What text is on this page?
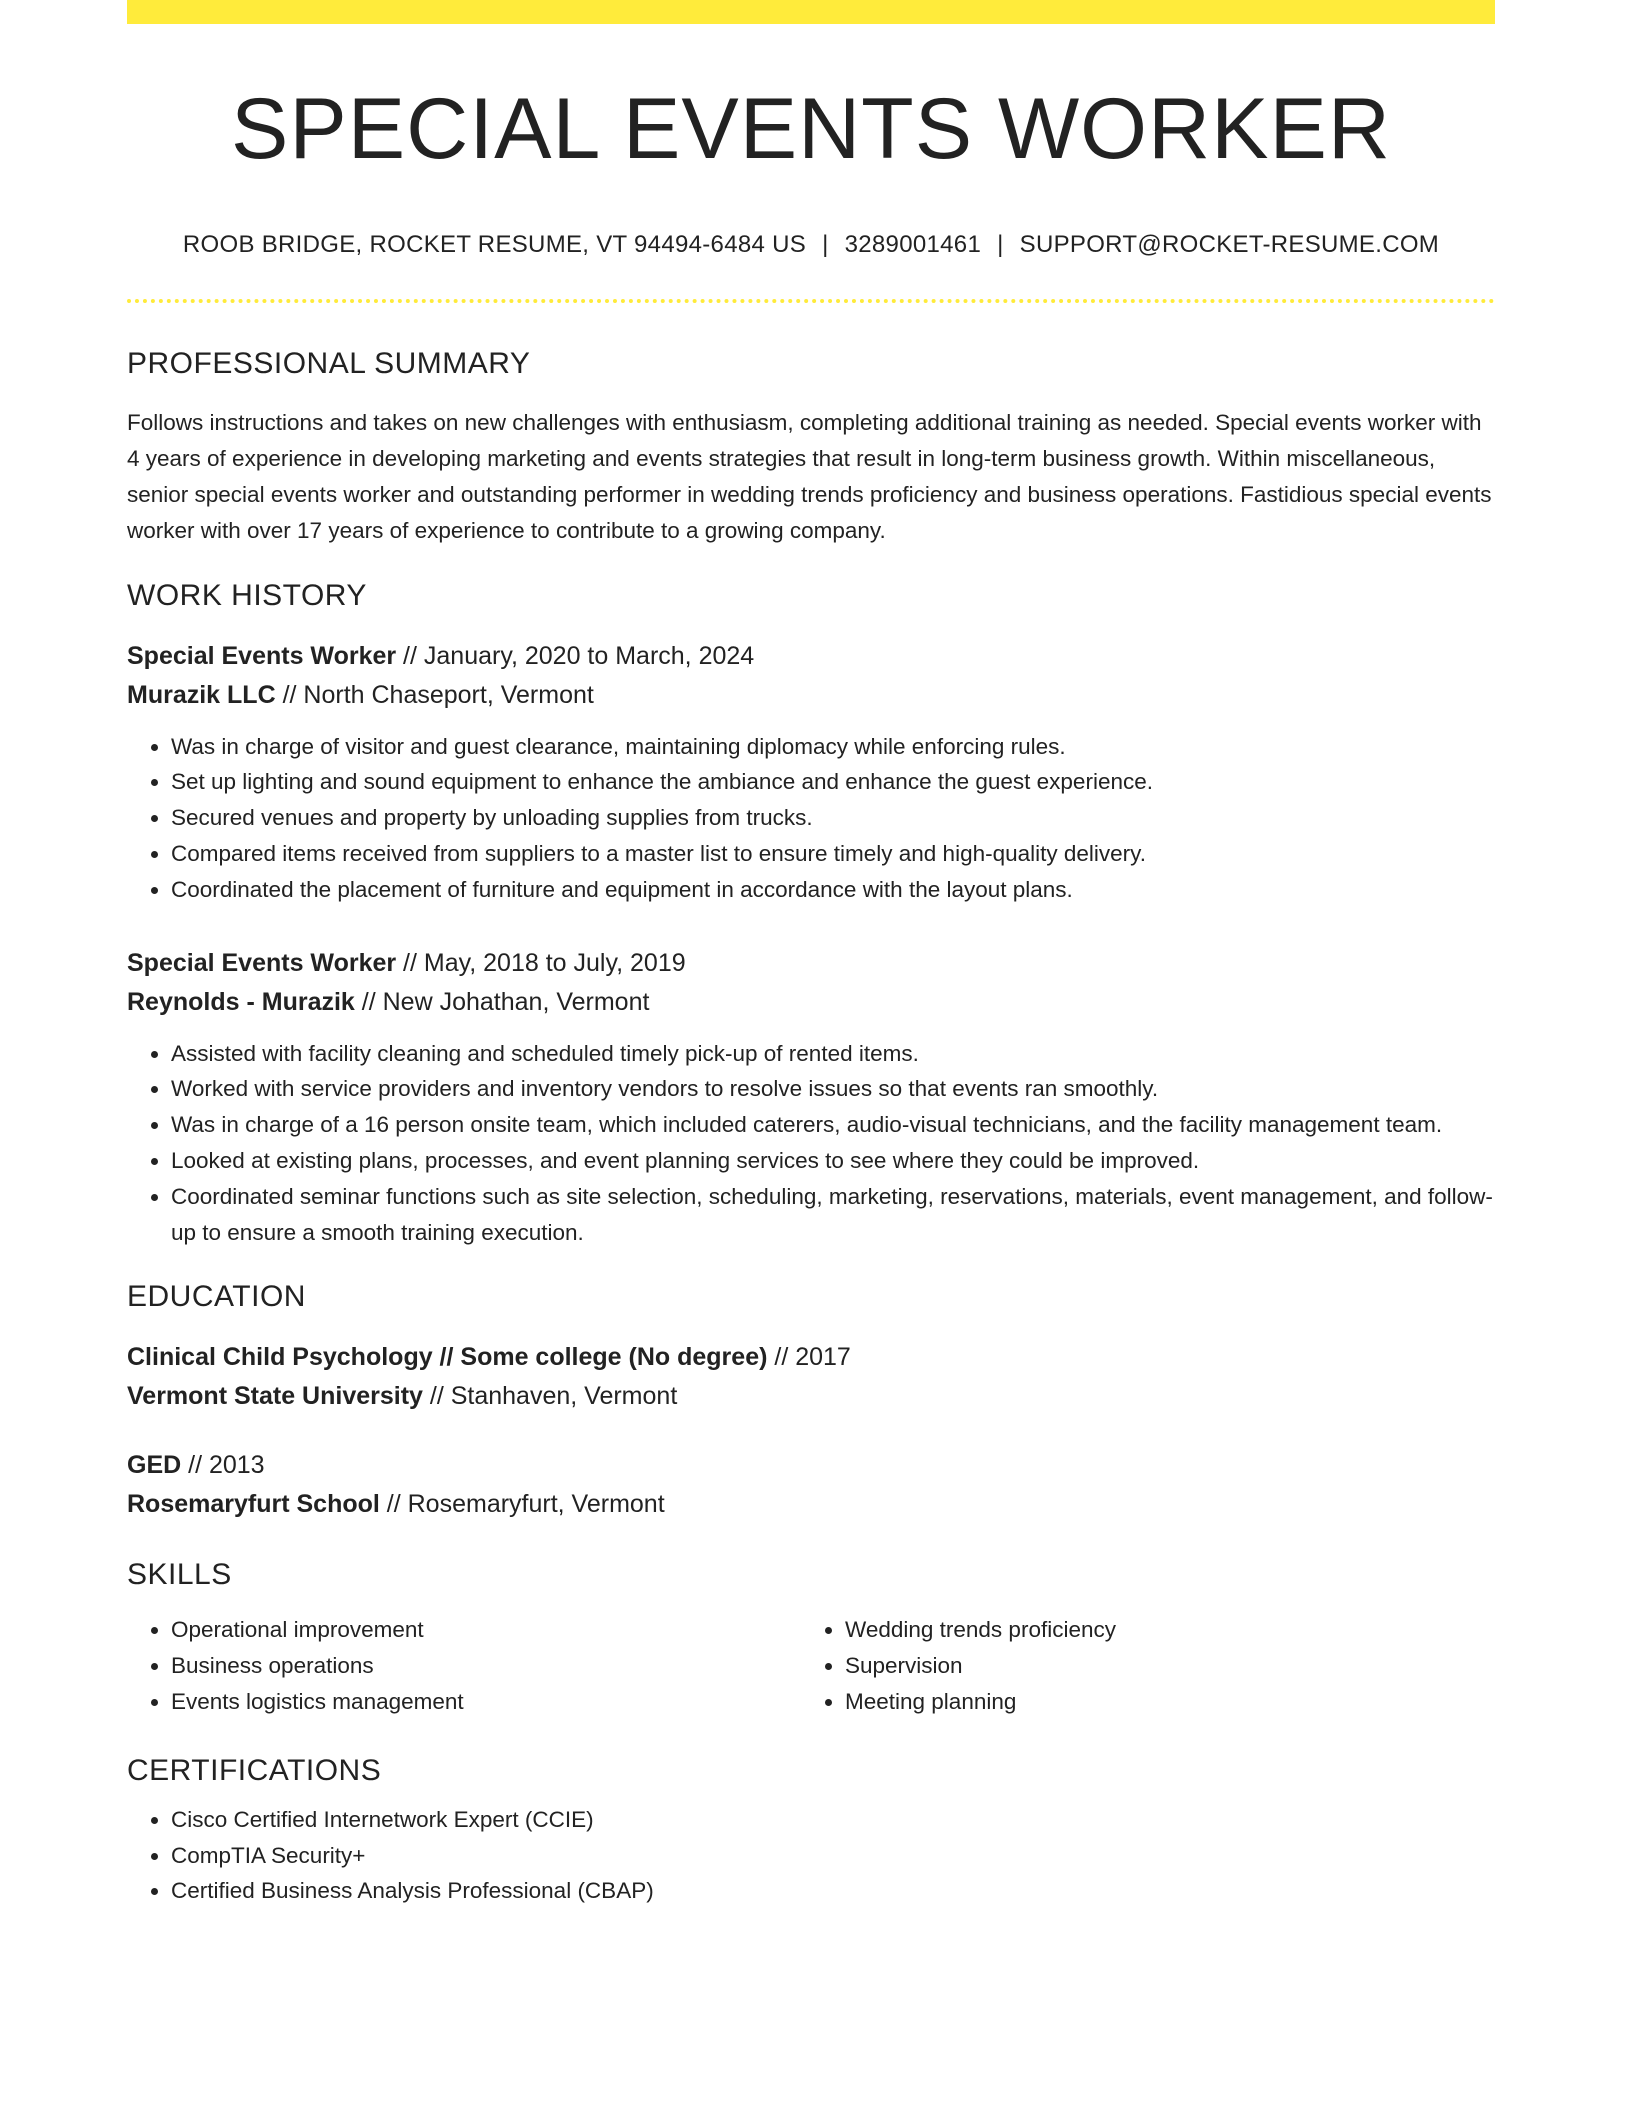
SPECIAL EVENTS WORKER
ROOB BRIDGE, ROCKET RESUME, VT 94494-6484 US | 3289001461 | SUPPORT@ROCKET-RESUME.COM
PROFESSIONAL SUMMARY
Follows instructions and takes on new challenges with enthusiasm, completing additional training as needed. Special events worker with 4 years of experience in developing marketing and events strategies that result in long-term business growth. Within miscellaneous, senior special events worker and outstanding performer in wedding trends proficiency and business operations. Fastidious special events worker with over 17 years of experience to contribute to a growing company.
WORK HISTORY
Special Events Worker // January, 2020 to March, 2024
Murazik LLC // North Chaseport, Vermont
• Was in charge of visitor and guest clearance, maintaining diplomacy while enforcing rules.
• Set up lighting and sound equipment to enhance the ambiance and enhance the guest experience.
• Secured venues and property by unloading supplies from trucks.
• Compared items received from suppliers to a master list to ensure timely and high-quality delivery.
• Coordinated the placement of furniture and equipment in accordance with the layout plans.
Special Events Worker // May, 2018 to July, 2019
Reynolds - Murazik // New Johathan, Vermont
• Assisted with facility cleaning and scheduled timely pick-up of rented items.
• Worked with service providers and inventory vendors to resolve issues so that events ran smoothly.
• Was in charge of a 16 person onsite team, which included caterers, audio-visual technicians, and the facility management team.
• Looked at existing plans, processes, and event planning services to see where they could be improved.
• Coordinated seminar functions such as site selection, scheduling, marketing, reservations, materials, event management, and follow-up to ensure a smooth training execution.
EDUCATION
Clinical Child Psychology // Some college (No degree) // 2017
Vermont State University // Stanhaven, Vermont
GED // 2013
Rosemaryfurt School // Rosemaryfurt, Vermont
SKILLS
• Operational improvement
• Business operations
• Events logistics management
• Wedding trends proficiency
• Supervision
• Meeting planning
CERTIFICATIONS
• Cisco Certified Internetwork Expert (CCIE)
• CompTIA Security+
• Certified Business Analysis Professional (CBAP)
